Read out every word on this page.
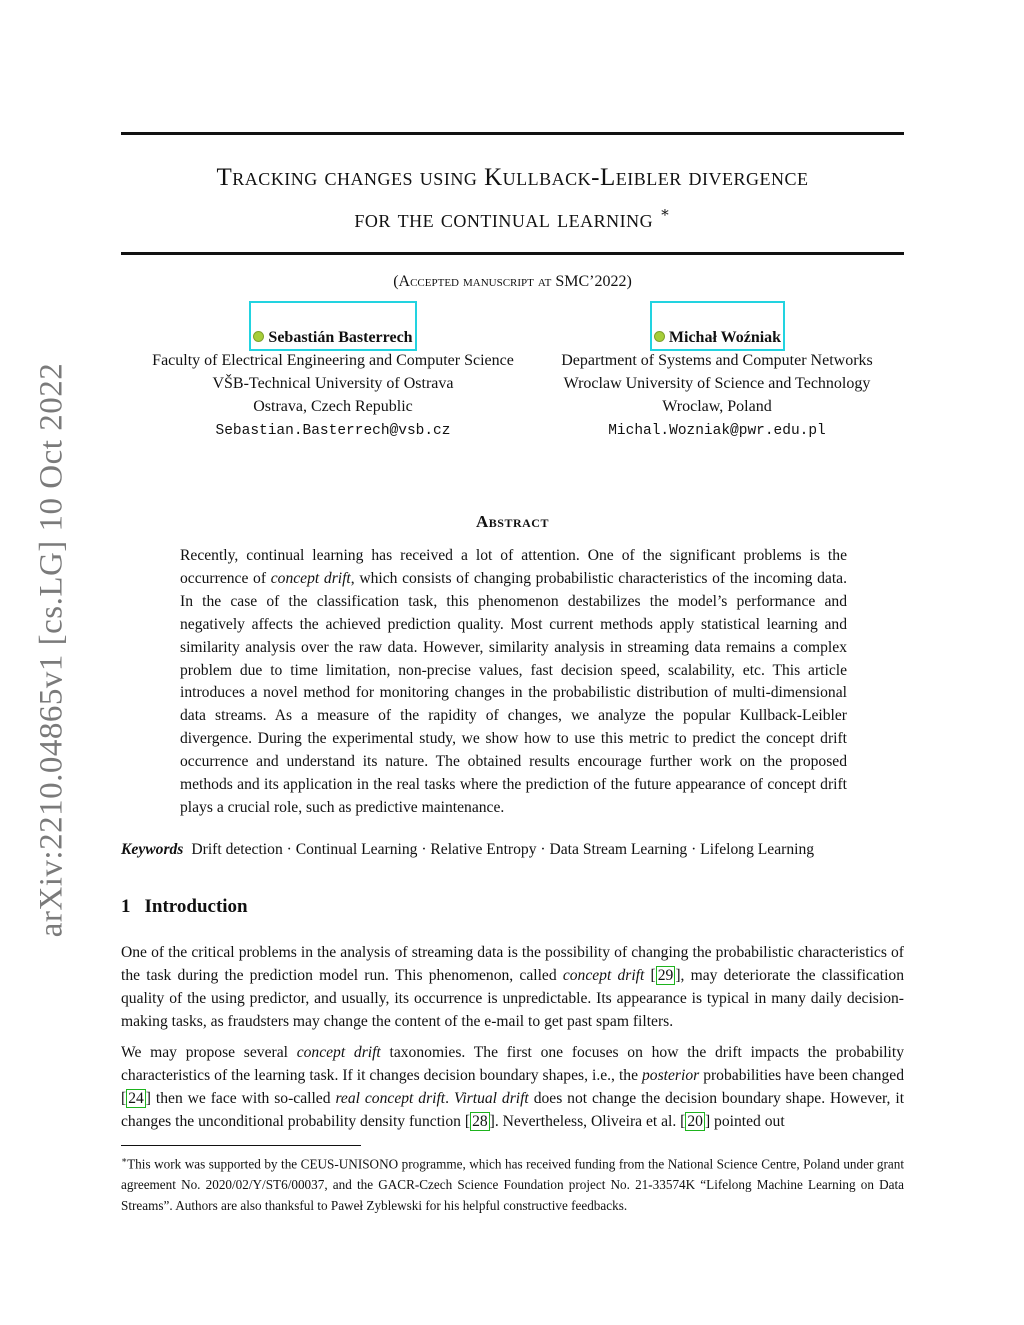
arXiv:2210.04865v1 [cs.LG] 10 Oct 2022
Tracking changes using Kullback-Leibler divergence
for the continual learning ∗
(Accepted manuscript at SMC’2022)
Sebastián Basterrech
Faculty of Electrical Engineering and Computer Science
VŠB-Technical University of Ostrava
Ostrava, Czech Republic
Sebastian.Basterrech@vsb.cz
Michał Woźniak
Department of Systems and Computer Networks
Wroclaw University of Science and Technology
Wroclaw, Poland
Michal.Wozniak@pwr.edu.pl
Abstract
Recently, continual learning has received a lot of attention. One of the significant problems is the occurrence of concept drift, which consists of changing probabilistic characteristics of the incoming data. In the case of the classification task, this phenomenon destabilizes the model’s performance and negatively affects the achieved prediction quality. Most current methods apply statistical learning and similarity analysis over the raw data. However, similarity analysis in streaming data remains a complex problem due to time limitation, non-precise values, fast decision speed, scalability, etc. This article introduces a novel method for monitoring changes in the probabilistic distribution of multi-dimensional data streams. As a measure of the rapidity of changes, we analyze the popular Kullback-Leibler divergence. During the experimental study, we show how to use this metric to predict the concept drift occurrence and understand its nature. The obtained results encourage further work on the proposed methods and its application in the real tasks where the prediction of the future appearance of concept drift plays a crucial role, such as predictive maintenance.
Keywords Drift detection · Continual Learning · Relative Entropy · Data Stream Learning · Lifelong Learning
1 Introduction
One of the critical problems in the analysis of streaming data is the possibility of changing the probabilistic characteristics of the task during the prediction model run. This phenomenon, called concept drift [ 29 ], may deteriorate the classification quality of the using predictor, and usually, its occurrence is unpredictable. Its appearance is typical in many daily decision-making tasks, as fraudsters may change the content of the e-mail to get past spam filters.
We may propose several concept drift taxonomies. The first one focuses on how the drift impacts the probability characteristics of the learning task. If it changes decision boundary shapes, i.e., the posterior probabilities have been changed [ 24 ] then we face with so-called real concept drift. Virtual drift does not change the decision boundary shape. However, it changes the unconditional probability density function [ 28 ]. Nevertheless, Oliveira et al. [ 20 ] pointed out
∗This work was supported by the CEUS-UNISONO programme, which has received funding from the National Science Centre, Poland under grant agreement No. 2020/02/Y/ST6/00037, and the GACR-Czech Science Foundation project No. 21-33574K “Lifelong Machine Learning on Data Streams”. Authors are also thanksful to Paweł Zyblewski for his helpful constructive feedbacks.
